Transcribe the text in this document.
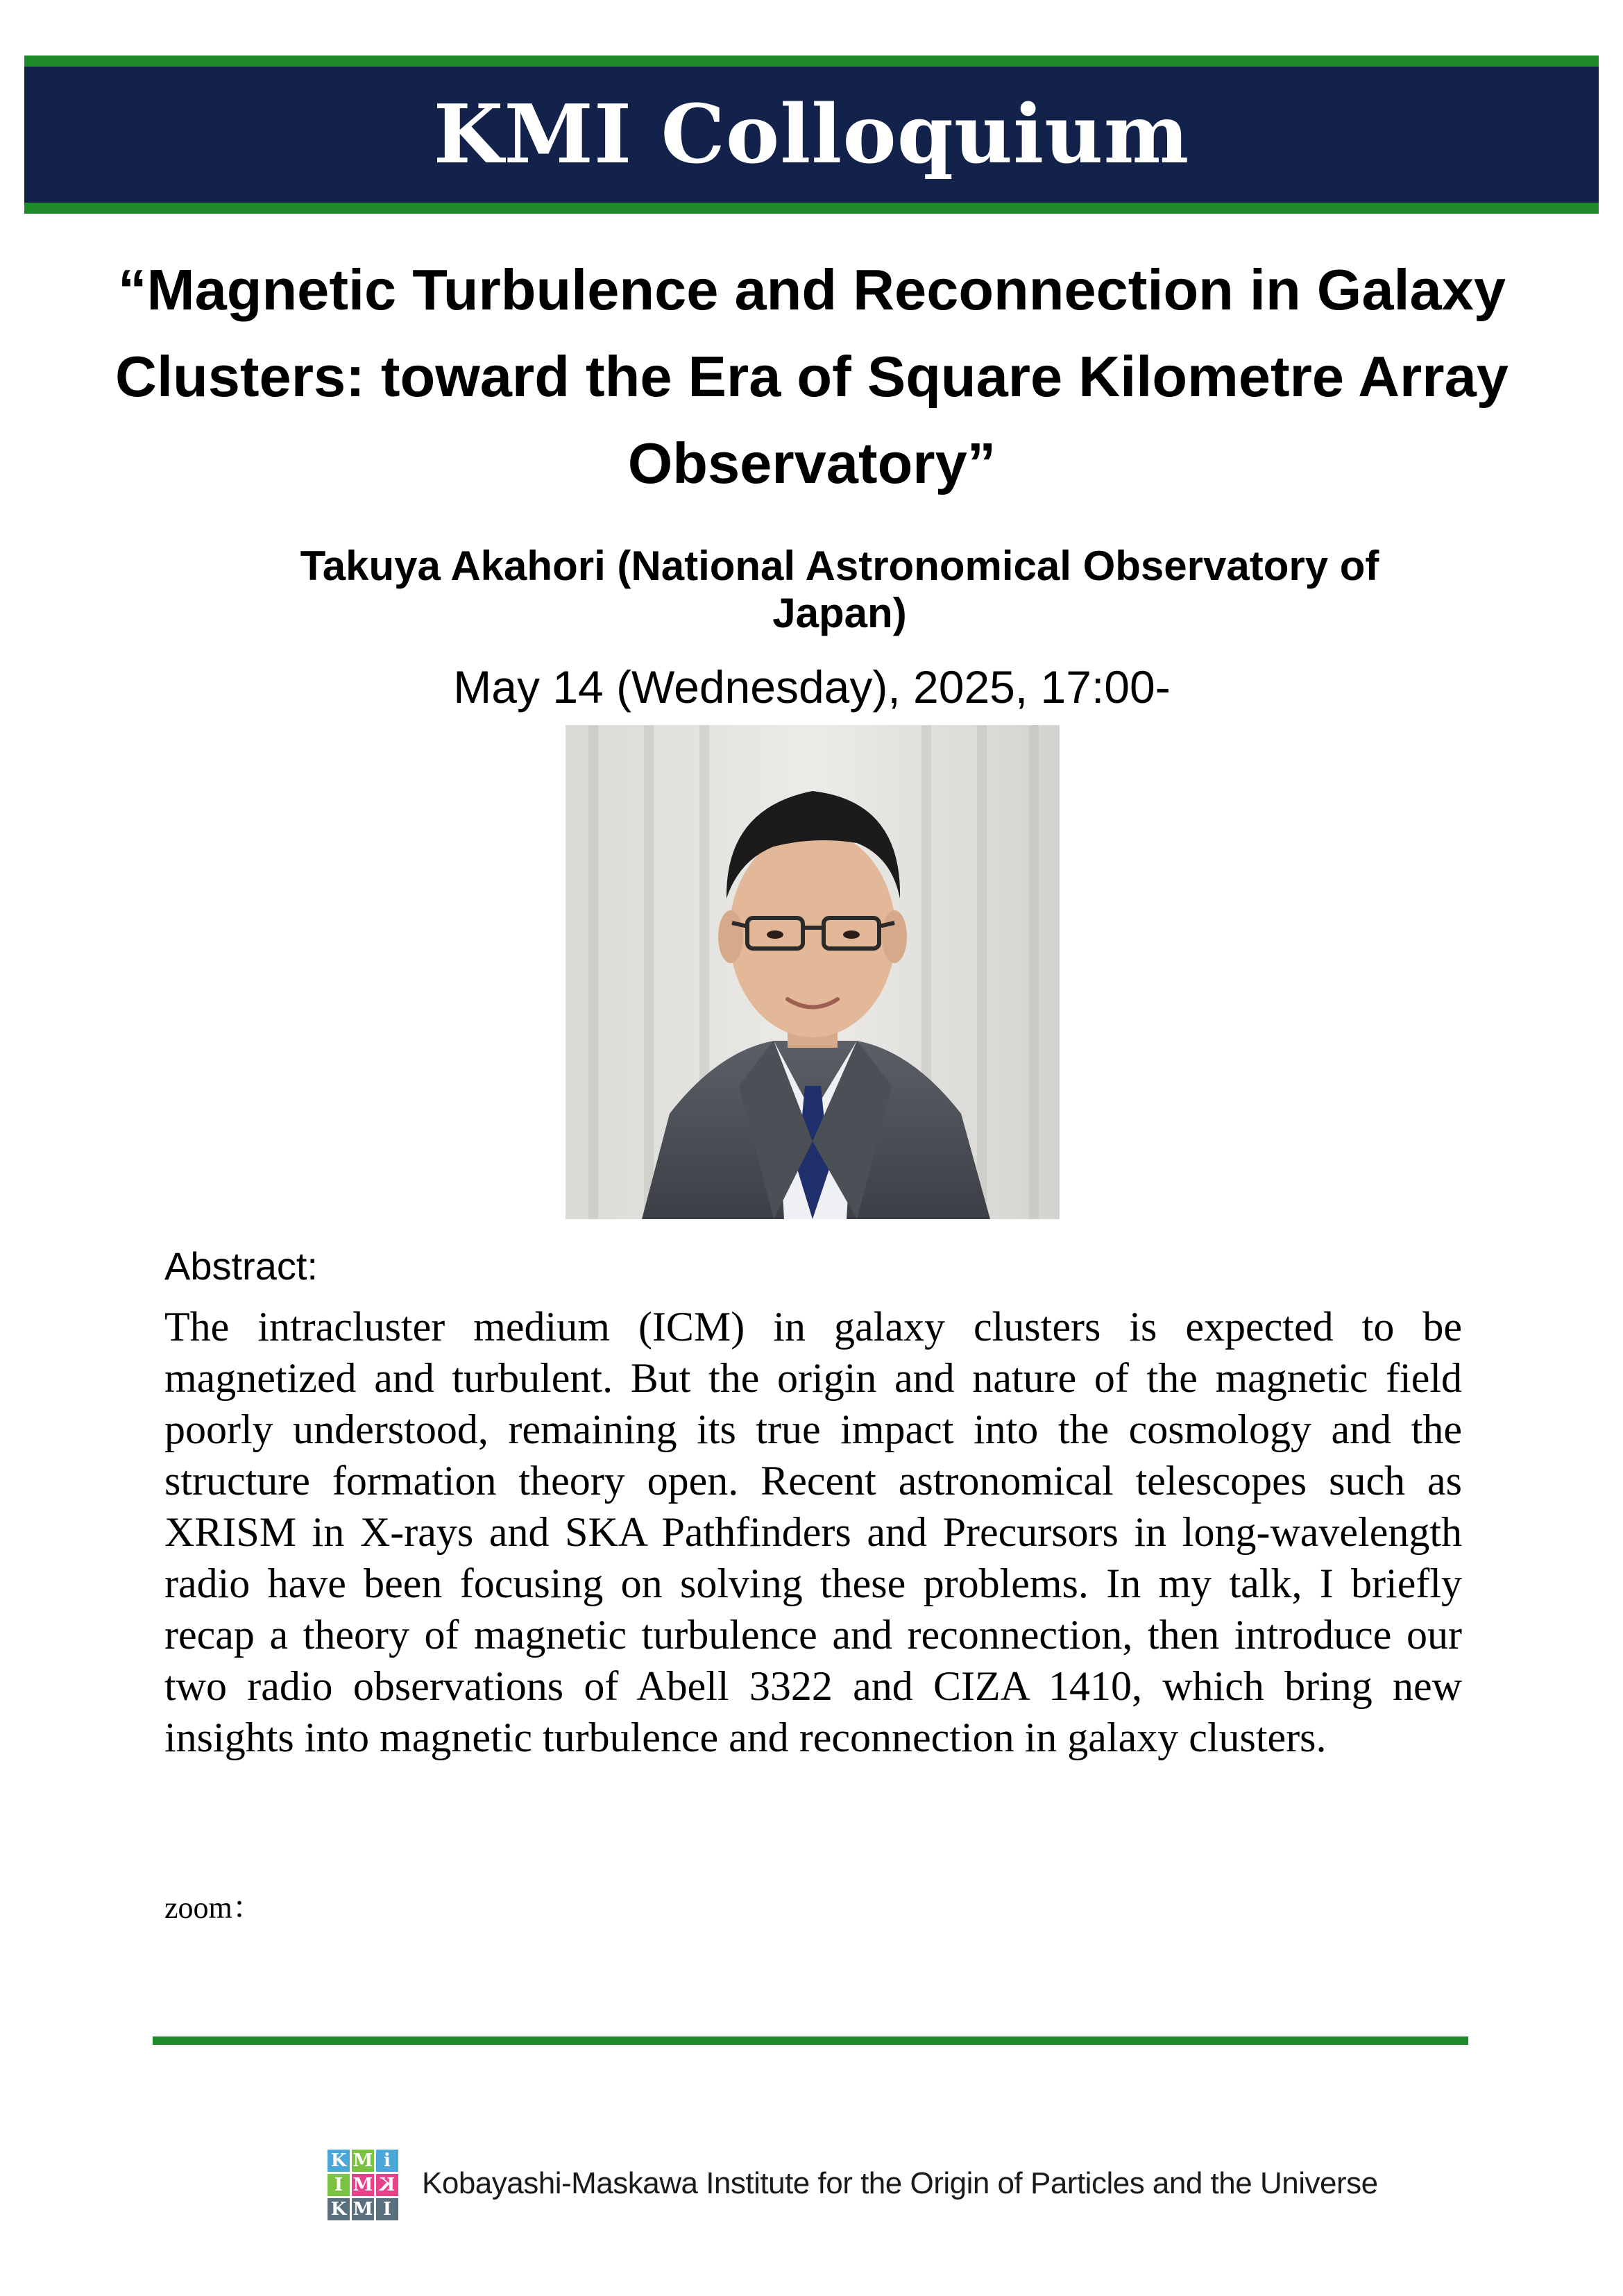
KMI Colloquium
“Magnetic Turbulence and Reconnection in Galaxy
Clusters: toward the Era of Square Kilometre Array
Observatory”
Takuya Akahori (National Astronomical Observatory of
Japan)
May 14 (Wednesday), 2025, 17:00-
Abstract:
The intracluster medium (ICM) in galaxy clusters is expected to be magnetized and turbulent. But the origin and nature of the magnetic field poorly understood, remaining its true impact into the cosmology and the structure formation theory open. Recent astronomical telescopes such as XRISM in X-rays and SKA Pathfinders and Precursors in long-wavelength radio have been focusing on solving these problems. In my talk, I briefly recap a theory of magnetic turbulence and reconnection, then introduce our two radio observations of Abell 3322 and CIZA 1410, which bring new insights into magnetic turbulence and reconnection in galaxy clusters.
zoom：
K M i
I M K
K M I
Kobayashi-Maskawa Institute for the Origin of Particles and the Universe
